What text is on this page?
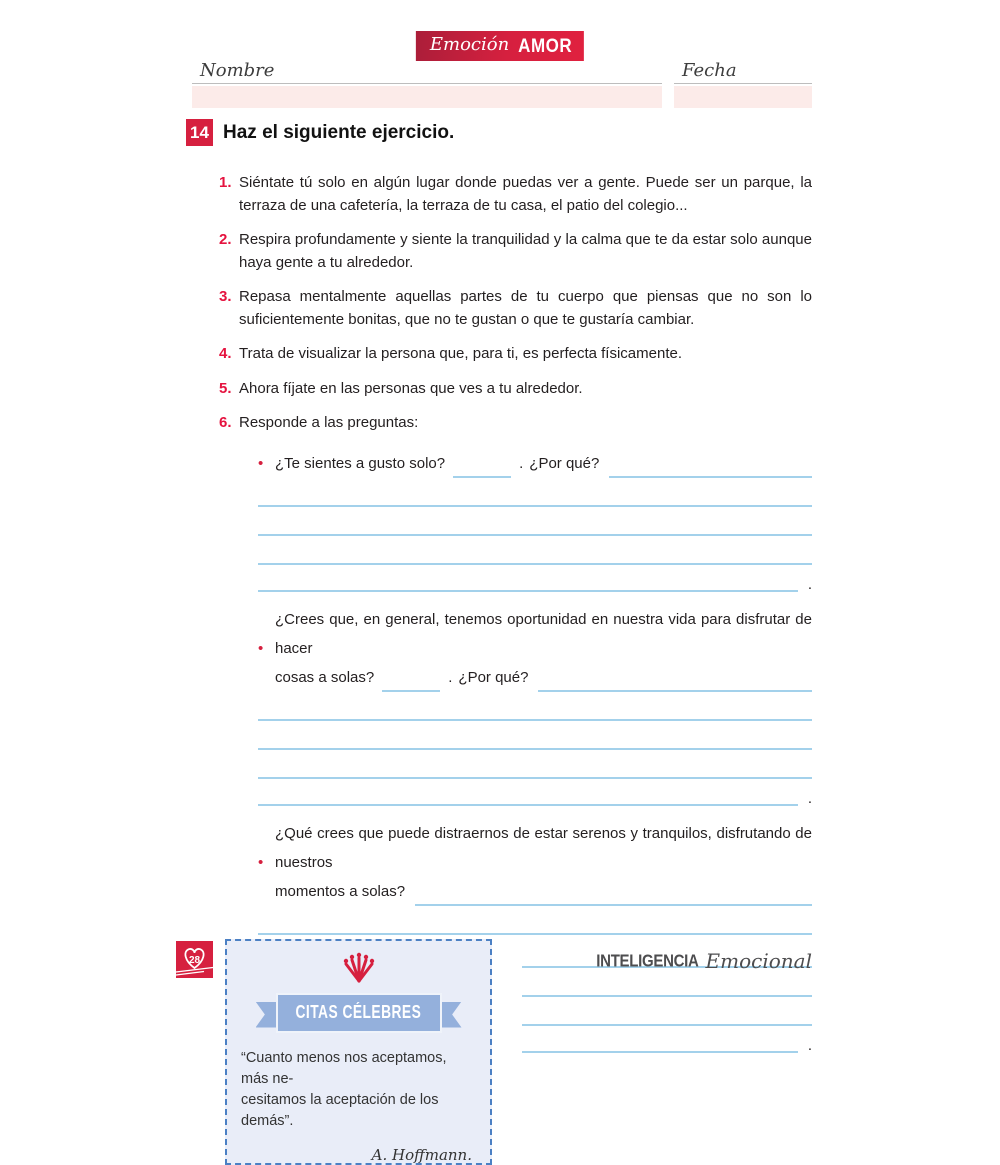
Emoción AMOR
Nombre	Fecha
14 Haz el siguiente ejercicio.
1. Siéntate tú solo en algún lugar donde puedas ver a gente. Puede ser un parque, la terraza de una cafetería, la terraza de tu casa, el patio del colegio...
2. Respira profundamente y siente la tranquilidad y la calma que te da estar solo aunque haya gente a tu alrededor.
3. Repasa mentalmente aquellas partes de tu cuerpo que piensas que no son lo suficientemente bonitas, que no te gustan o que te gustaría cambiar.
4. Trata de visualizar la persona que, para ti, es perfecta físicamente.
5. Ahora fíjate en las personas que ves a tu alrededor.
6. Responde a las preguntas:
• ¿Te sientes a gusto solo?	. ¿Por qué?
.
•
¿Crees que, en general, tenemos oportunidad en nuestra vida para disfrutar de hacer
cosas a solas?	. ¿Por qué?
.
•
¿Qué crees que puede distraernos de estar serenos y tranquilos, disfrutando de nuestros
momentos a solas?
CITAS CÉLEBRES
“Cuanto menos nos aceptamos, más ne-
cesitamos la aceptación de los demás”.
A. Hoffmann.
.
28	INTELIGENCIA Emocional
